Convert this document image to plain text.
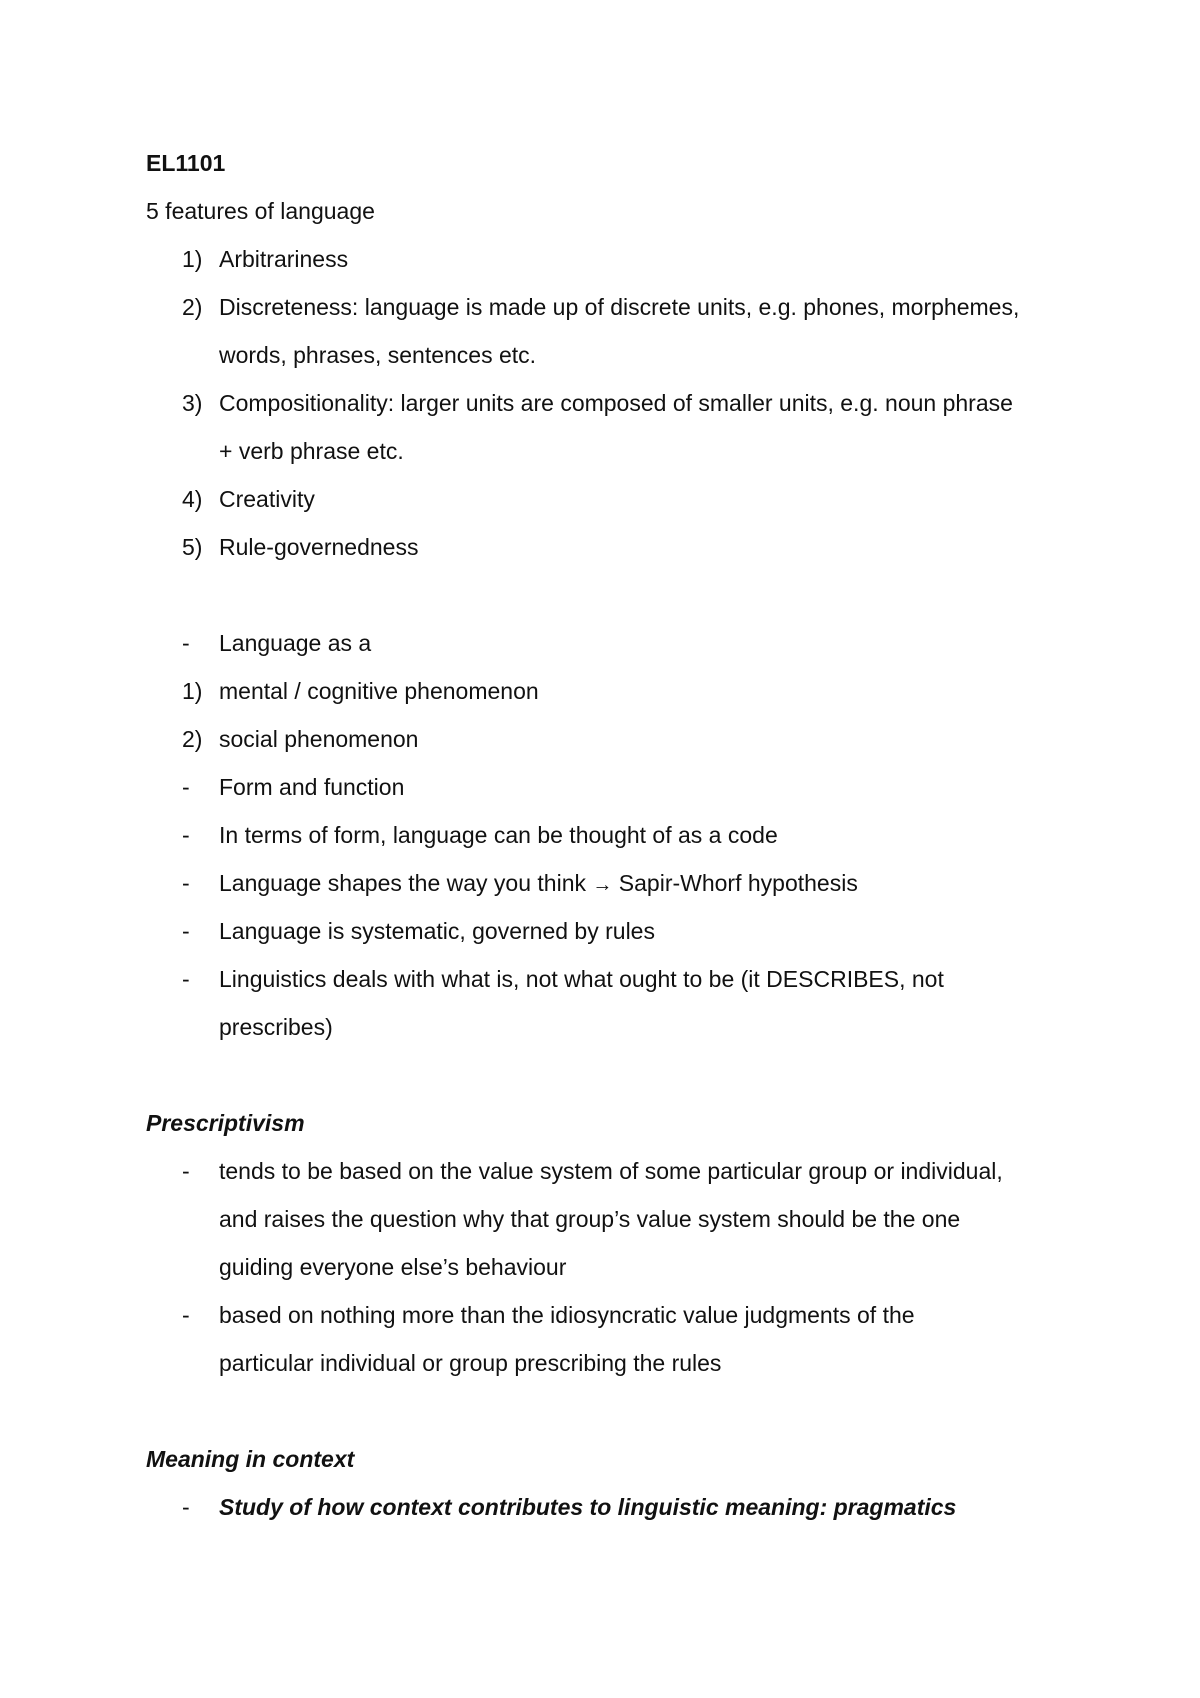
EL1101
5 features of language
1) Arbitrariness
2) Discreteness: language is made up of discrete units, e.g. phones, morphemes,
words, phrases, sentences etc.
3) Compositionality: larger units are composed of smaller units, e.g. noun phrase
+ verb phrase etc.
4) Creativity
5) Rule-governedness
- Language as a
1) mental / cognitive phenomenon
2) social phenomenon
- Form and function
- In terms of form, language can be thought of as a code
- Language shapes the way you think → Sapir-Whorf hypothesis
- Language is systematic, governed by rules
- Linguistics deals with what is, not what ought to be (it DESCRIBES, not
prescribes)
Prescriptivism
- tends to be based on the value system of some particular group or individual,
and raises the question why that group’s value system should be the one
guiding everyone else’s behaviour
- based on nothing more than the idiosyncratic value judgments of the
particular individual or group prescribing the rules
Meaning in context
- Study of how context contributes to linguistic meaning: pragmatics
